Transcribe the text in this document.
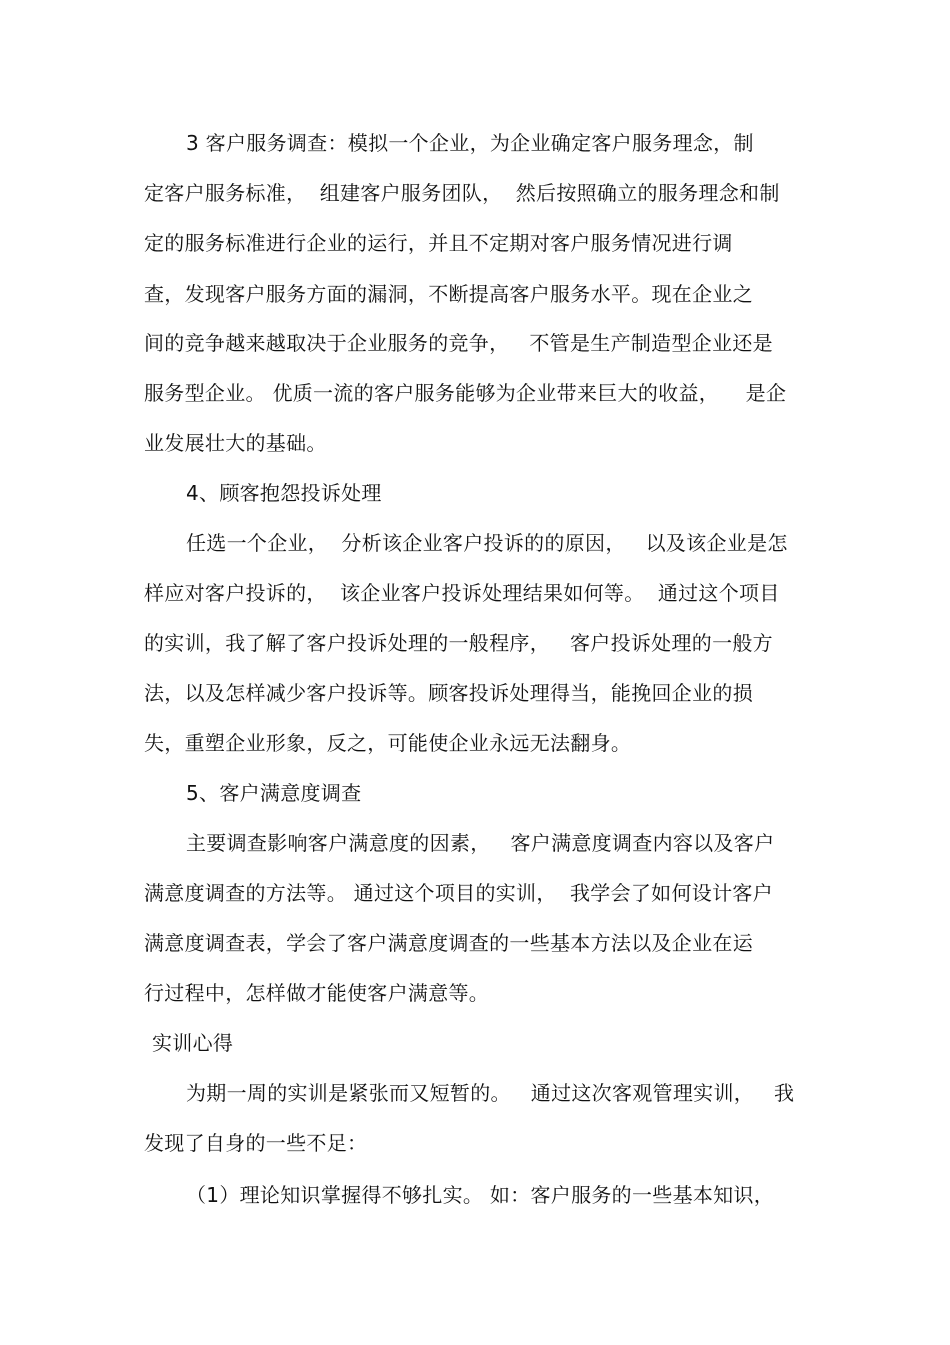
3 客户服务调查：模拟一个企业，为企业确定客户服务理念，制
定客户服务标准，  组建客户服务团队，  然后按照确立的服务理念和制
定的服务标准进行企业的运行，并且不定期对客户服务情况进行调
查，发现客户服务方面的漏洞，不断提高客户服务水平。现在企业之
间的竞争越来越取决于企业服务的竞争，   不管是生产制造型企业还是
服务型企业。 优质一流的客户服务能够为企业带来巨大的收益，    是企
业发展壮大的基础。
4、顾客抱怨投诉处理
任选一个企业，  分析该企业客户投诉的的原因，   以及该企业是怎
样应对客户投诉的，  该企业客户投诉处理结果如何等。  通过这个项目
的实训，我了解了客户投诉处理的一般程序，   客户投诉处理的一般方
法，以及怎样减少客户投诉等。顾客投诉处理得当，能挽回企业的损
失，重塑企业形象，反之，可能使企业永远无法翻身。
5、客户满意度调查
主要调查影响客户满意度的因素，   客户满意度调查内容以及客户
满意度调查的方法等。 通过这个项目的实训，  我学会了如何设计客户
满意度调查表，学会了客户满意度调查的一些基本方法以及企业在运
行过程中，怎样做才能使客户满意等。
实训心得
为期一周的实训是紧张而又短暂的。   通过这次客观管理实训，   我
发现了自身的一些不足：
（1）理论知识掌握得不够扎实。 如：客户服务的一些基本知识，
